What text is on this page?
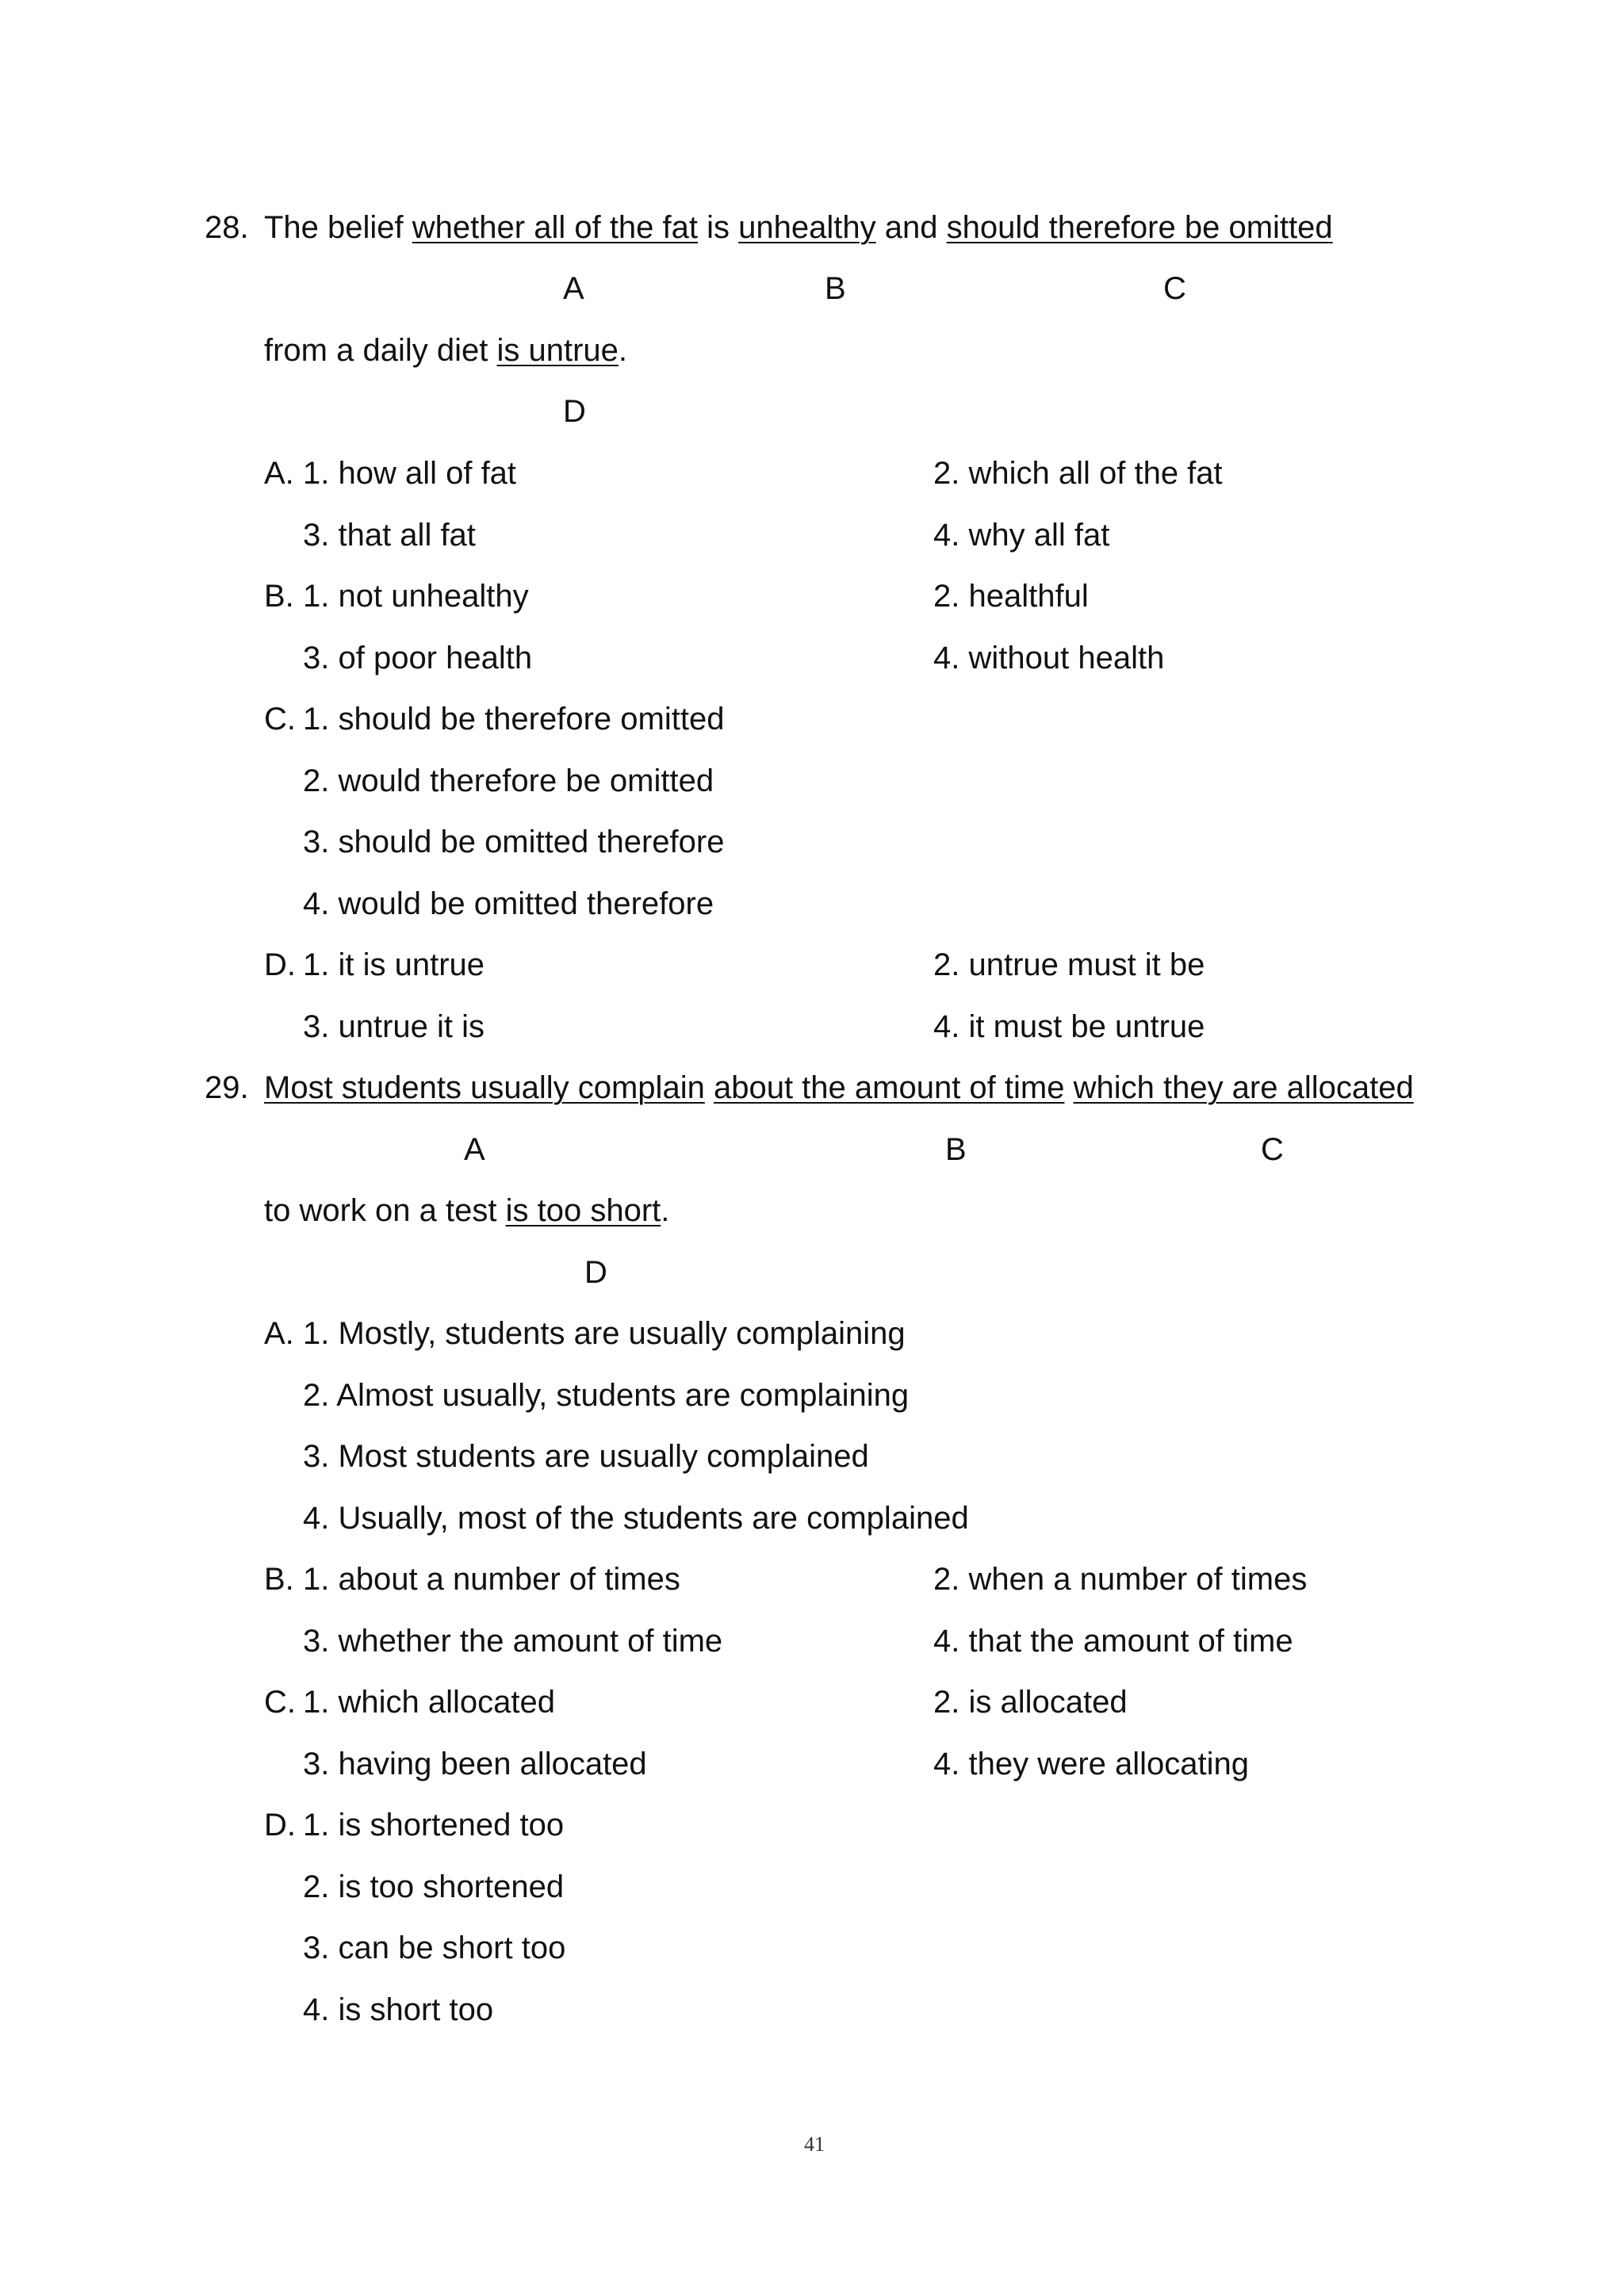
28. The belief whether all of the fat is unhealthy and should therefore be omitted
A	B	C
from a daily diet is untrue.
D
A. 1. how all of fat	2. which all of the fat
3. that all fat	4. why all fat
B. 1. not unhealthy	2. healthful
3. of poor health	4. without health
C. 1. should be therefore omitted
2. would therefore be omitted
3. should be omitted therefore
4. would be omitted therefore
D. 1. it is untrue	2. untrue must it be
3. untrue it is	4. it must be untrue
29. Most students usually complain about the amount of time which they are allocated
A	B	C
to work on a test is too short.
D
A. 1. Mostly, students are usually complaining
2. Almost usually, students are complaining
3. Most students are usually complained
4. Usually, most of the students are complained
B. 1. about a number of times	2. when a number of times
3. whether the amount of time	4. that the amount of time
C. 1. which allocated	2. is allocated
3. having been allocated	4. they were allocating
D. 1. is shortened too
2. is too shortened
3. can be short too
4. is short too
41
